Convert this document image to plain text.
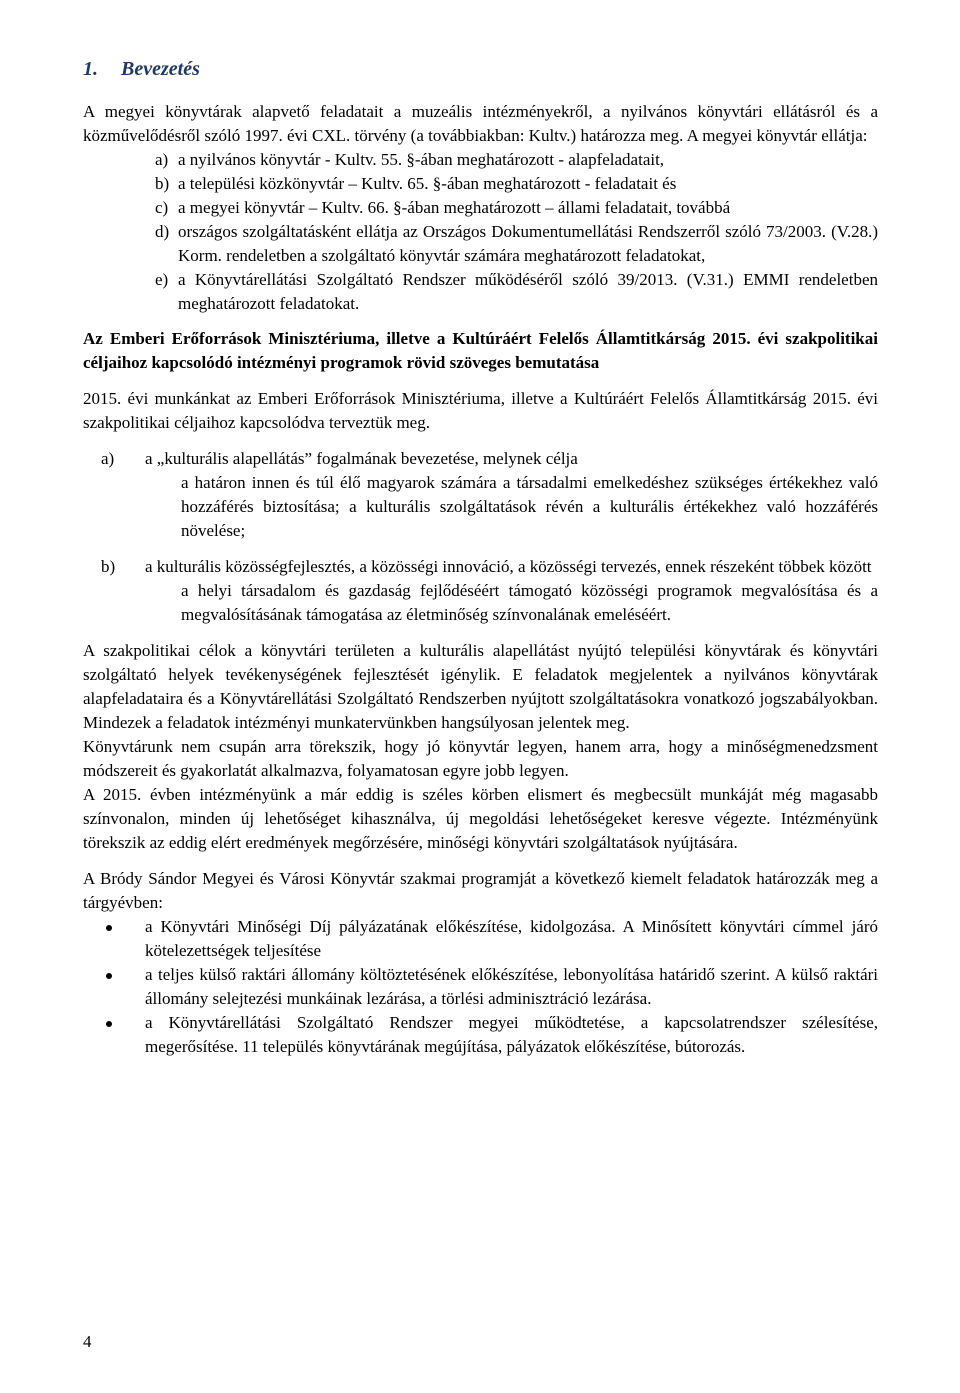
1. Bevezetés

A megyei könyvtárak alapvető feladatait a muzeális intézményekről, a nyilvános könyvtári ellátásról és a közművelődésről szóló 1997. évi CXL. törvény (a továbbiakban: Kultv.) határozza meg. A megyei könyvtár ellátja:

a) a nyilvános könyvtár - Kultv. 55. §-ában meghatározott - alapfeladatait,
b) a települési közkönyvtár – Kultv. 65. §-ában meghatározott - feladatait és
c) a megyei könyvtár – Kultv. 66. §-ában meghatározott – állami feladatait, továbbá
d) országos szolgáltatásként ellátja az Országos Dokumentumellátási Rendszerről szóló 73/2003. (V.28.) Korm. rendeletben a szolgáltató könyvtár számára meghatározott feladatokat,
e) a Könyvtárellátási Szolgáltató Rendszer működéséről szóló 39/2013. (V.31.) EMMI rendeletben meghatározott feladatokat.

Az Emberi Erőforrások Minisztériuma, illetve a Kultúráért Felelős Államtitkárság 2015. évi szakpolitikai céljaihoz kapcsolódó intézményi programok rövid szöveges bemutatása

2015. évi munkánkat az Emberi Erőforrások Minisztériuma, illetve a Kultúráért Felelős Államtitkárság 2015. évi szakpolitikai céljaihoz kapcsolódva terveztük meg.

a) a „kulturális alapellátás” fogalmának bevezetése, melynek célja

a határon innen és túl élő magyarok számára a társadalmi emelkedéshez szükséges értékekhez való hozzáférés biztosítása; a kulturális szolgáltatások révén a kulturális értékekhez való hozzáférés növelése;

b) a kulturális közösségfejlesztés, a közösségi innováció, a közösségi tervezés, ennek részeként többek között

a helyi társadalom és gazdaság fejlődéséért támogató közösségi programok megvalósítása és a megvalósításának támogatása az életminőség színvonalának emeléséért.

A szakpolitikai célok a könyvtári területen a kulturális alapellátást nyújtó települési könyvtárak és könyvtári szolgáltató helyek tevékenységének fejlesztését igénylik. E feladatok megjelentek a nyilvános könyvtárak alapfeladataira és a Könyvtárellátási Szolgáltató Rendszerben nyújtott szolgáltatásokra vonatkozó jogszabályokban. Mindezek a feladatok intézményi munkatervünkben hangsúlyosan jelentek meg.

Könyvtárunk nem csupán arra törekszik, hogy jó könyvtár legyen, hanem arra, hogy a minőségmenedzsment módszereit és gyakorlatát alkalmazva, folyamatosan egyre jobb legyen.

A 2015. évben intézményünk a már eddig is széles körben elismert és megbecsült munkáját még magasabb színvonalon, minden új lehetőséget kihasználva, új megoldási lehetőségeket keresve végezte. Intézményünk törekszik az eddig elért eredmények megőrzésére, minőségi könyvtári szolgáltatások nyújtására.

A Bródy Sándor Megyei és Városi Könyvtár szakmai programját a következő kiemelt feladatok határozzák meg a tárgyévben:

a Könyvtári Minőségi Díj pályázatának előkészítése, kidolgozása. A Minősített könyvtári címmel járó kötelezettségek teljesítése
a teljes külső raktári állomány költöztetésének előkészítése, lebonyolítása határidő szerint. A külső raktári állomány selejtezési munkáinak lezárása, a törlési adminisztráció lezárása.
a Könyvtárellátási Szolgáltató Rendszer megyei működtetése, a kapcsolatrendszer szélesítése, megerősítése. 11 település könyvtárának megújítása, pályázatok előkészítése, bútorozás.
4
